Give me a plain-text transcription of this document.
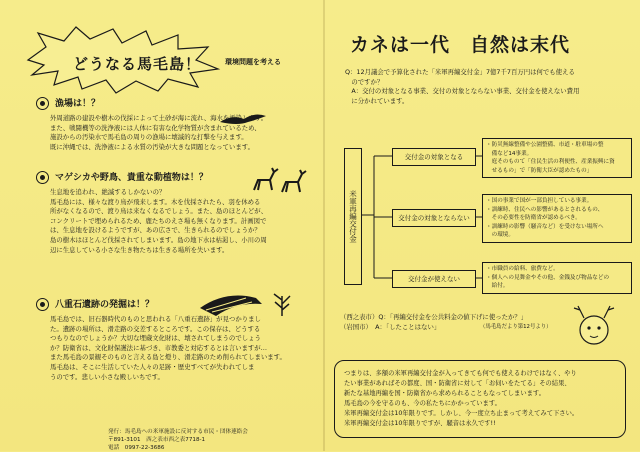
どうなる馬毛島！	環境問題を考える
漁場は！？
外周道路の建設や樹木の伐採によって土砂が海に流れ、海水を汚染します。
また、戦闘機等の洗浄液には人体に有害な化学物質が含まれているため、
施設からの汚染水で馬毛島の周りの漁場に壊滅的な打撃を与えます。
既に沖縄では、洗浄液による水質の汚染が大きな問題となっています。
マゲシカや野鳥、貴重な動植物は！？
生息地を追われ、絶滅するしかないの？
馬毛島には、様々な渡り鳥が飛来します。木を伐採されたら、羽を休める
所がなくなるので、渡り鳥は来なくなるでしょう。また、島のほとんどが、
コンクリートで埋められるため、鹿たちのえさ場も無くなります。計画図で
は、生息地を設けるようですが、あの広さで、生きられるのでしょうか？
島の樹木はほとんど伐採されてしまいます。島の地下水は枯渇し、小川の周
辺に生息している小さな生き物たちは生きる場所を失います。
八重石遺跡の発掘は！？
馬毛島では、旧石器時代のものと思われる「八重石遺跡」が見つかりまし
た。遺跡の場所は、滑走路の交差するところです。この保存は、どうする
つもりなのでしょうか？大切な埋蔵文化財は、壊されてしまうのでしょう
か？防衛省は、文化財保護法に基づき、市教委と対応するとは言いますが…
また馬毛島の景観そのものと言える島と燈り、滑走路のため削られてしまいます。
馬毛島は、そこに生活していた人々の足跡・歴史すべてが失われてしま
うのです。悲しい小さな殿しいちです。
発行：馬毛島への米軍施設に反対する市民・団体連絡会
〒891-3101　西之表市西之表7718-1
電話　0997-22-3686
カネは一代　自然は末代
Q：12月議会で予算化された「米軍再編交付金」7億7千7百万円は何でも使える
　のですか？
　A：交付の対象となる事業、交付の対象とならない事業、交付金を使えない費用
　に分かれています。
米軍再編交付金
交付金の対象となる
・防災無線整備や公園整備、市道・駐車場の整
　備など14事業。
　庭そのものて「住民生活の利便性、産業振興に資
　せるもの」で「防衛大臣が認めたもの」
交付金の対象とならない
・国の事業で国が一部負担している事業。
・訓練時、住民への影響があるとされるもの、
　その必要性を防衛省が認めるべき。
・訓練時の影響（騒音など）を受けない場所へ
　の環境。
交付金が使えない
・市職員の給料、旅費など。
・個人への見舞金やその他、金銭及び物品などの
　給付。
（西之表市）Q：「再編交付金を公共料金の値下げに使ったか？」
（岩国市）　A：「したことはない」	（馬毛島だより第12号より）
つまりは、多額の米軍再編交付金が入ってきても何でも使えるわけではなく、やり
たい事業があればその都度、国・防衛省に対して「お伺いをたてる」その結果、
新たな基地再編を国・防衛省から求められることもなってしまいます。
馬毛島の今を守るのも、今の私たちにかかっています。
米軍再編交付金は10年限りです。しかし、今一度立ち止まって考えてみて下さい。
米軍再編交付金は10年限りですが、騒音は永久です!!
